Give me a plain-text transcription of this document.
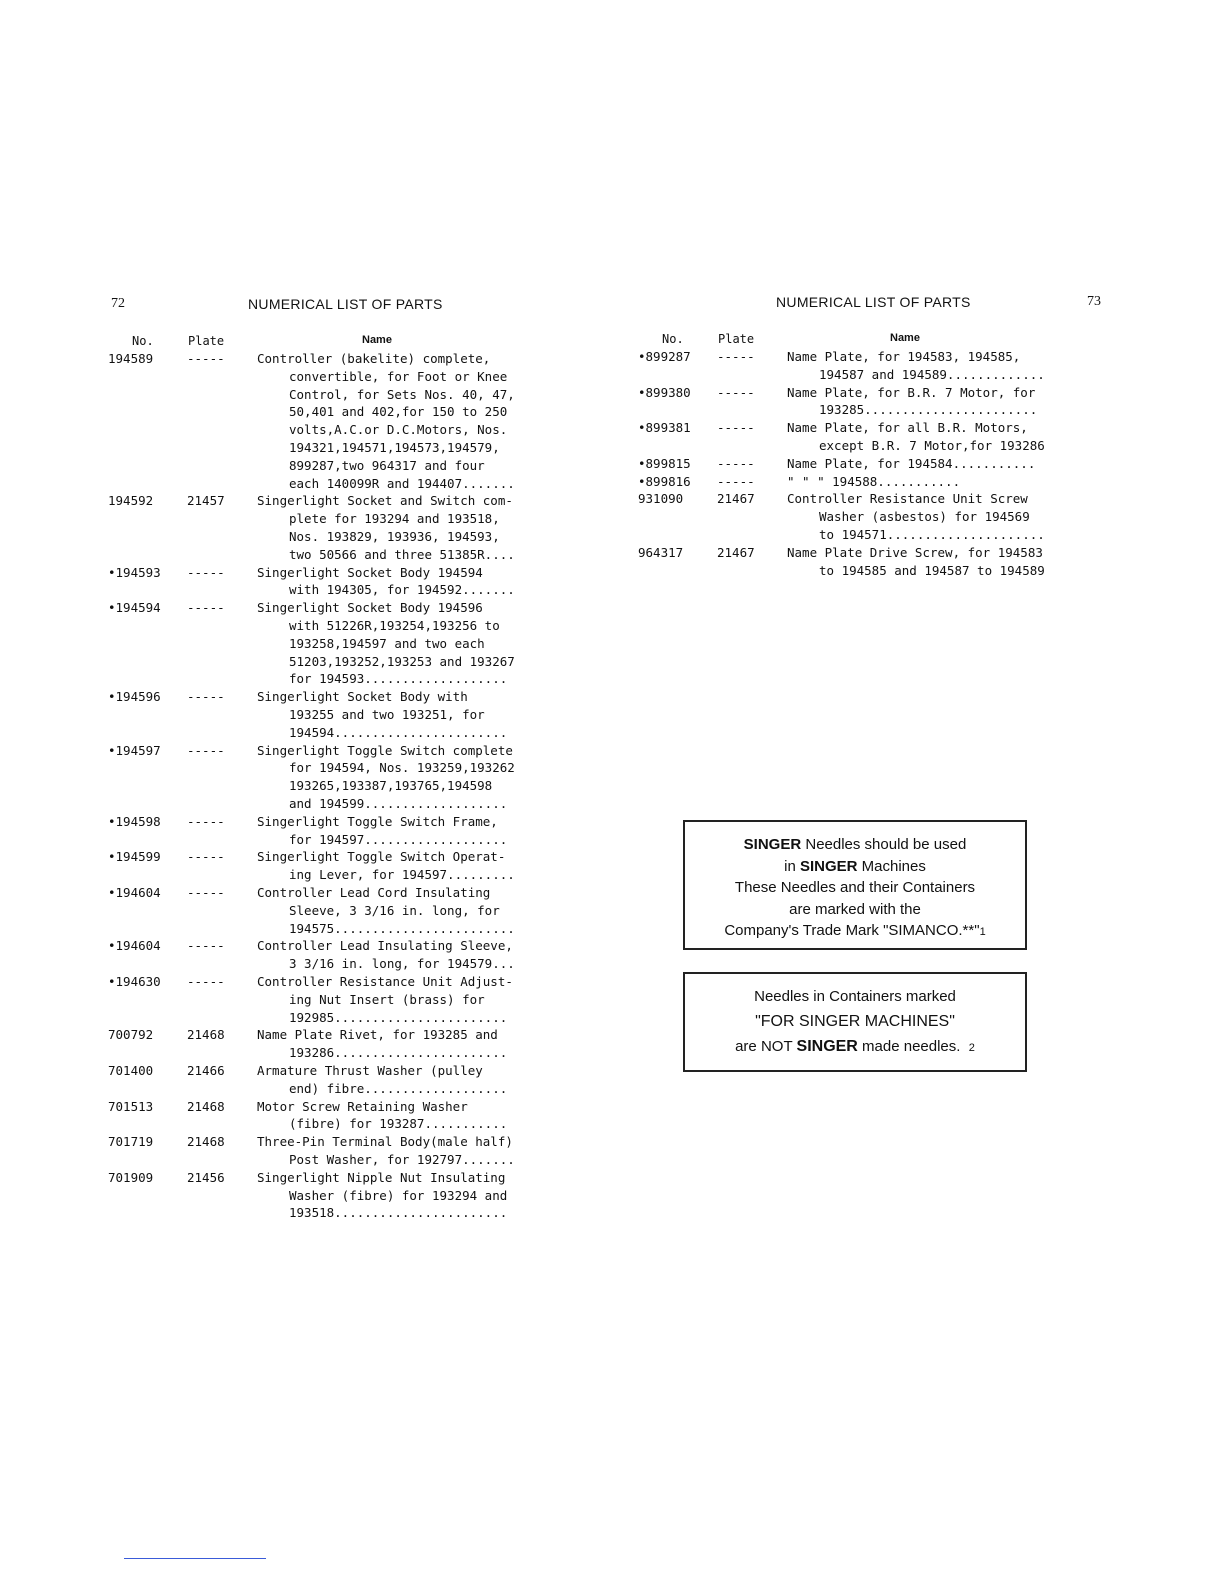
72	NUMERICAL LIST OF PARTS
No.	Plate	Name
194589	-----	Controller (bakelite) complete,
convertible, for Foot or Knee
Control, for Sets Nos. 40, 47,
50,401 and 402,for 150 to 250
volts,A.C.or D.C.Motors, Nos.
194321,194571,194573,194579,
899287,two 964317 and four
each 140099R and 194407.......
194592	21457	Singerlight Socket and Switch com-
plete for 193294 and 193518,
Nos. 193829, 193936, 194593,
two 50566 and three 51385R....
•194593 -----	Singerlight Socket Body 194594
with 194305, for 194592.......
•194594 -----	Singerlight Socket Body 194596
with 51226R,193254,193256 to
193258,194597 and two each
51203,193252,193253 and 193267
for 194593...................
•194596 -----	Singerlight Socket Body with
193255 and two 193251, for
194594.......................
•194597 -----	Singerlight Toggle Switch complete
for 194594, Nos. 193259,193262
193265,193387,193765,194598
and 194599...................
•194598 -----	Singerlight Toggle Switch Frame,
for 194597...................
•194599 -----	Singerlight Toggle Switch Operat-
ing Lever, for 194597.........
•194604 -----	Controller Lead Cord Insulating
Sleeve, 3 3/16 in. long, for
194575........................
•194604 -----	Controller Lead Insulating Sleeve,
3 3/16 in. long, for 194579...
•194630 -----	Controller Resistance Unit Adjust-
ing Nut Insert (brass) for
192985.......................
700792	21468	Name Plate Rivet, for 193285 and
193286.......................
701400	21466	Armature Thrust Washer (pulley
end) fibre...................
701513	21468	Motor Screw Retaining Washer
(fibre) for 193287...........
701719	21468	Three-Pin Terminal Body(male half)
Post Washer, for 192797.......
701909	21456	Singerlight Nipple Nut Insulating
Washer (fibre) for 193294 and
193518.......................
NUMERICAL LIST OF PARTS	73
No.	Plate	Name
•899287 -----	Name Plate, for 194583, 194585,
194587 and 194589.............
•899380 -----	Name Plate, for B.R. 7 Motor, for
193285.......................
•899381 -----	Name Plate, for all B.R. Motors,
except B.R. 7 Motor,for 193286
•899815 -----	Name Plate, for 194584...........
•899816 -----	" " " 194588...........
931090	21467	Controller Resistance Unit Screw
Washer (asbestos) for 194569
to 194571.....................
964317	21467	Name Plate Drive Screw, for 194583
to 194585 and 194587 to 194589
SINGER Needles should be used
in SINGER Machines
These Needles and their Containers
are marked with the
Company's Trade Mark "SIMANCO.**"1
Needles in Containers marked
"FOR SINGER MACHINES"
are NOT SINGER made needles. 2
